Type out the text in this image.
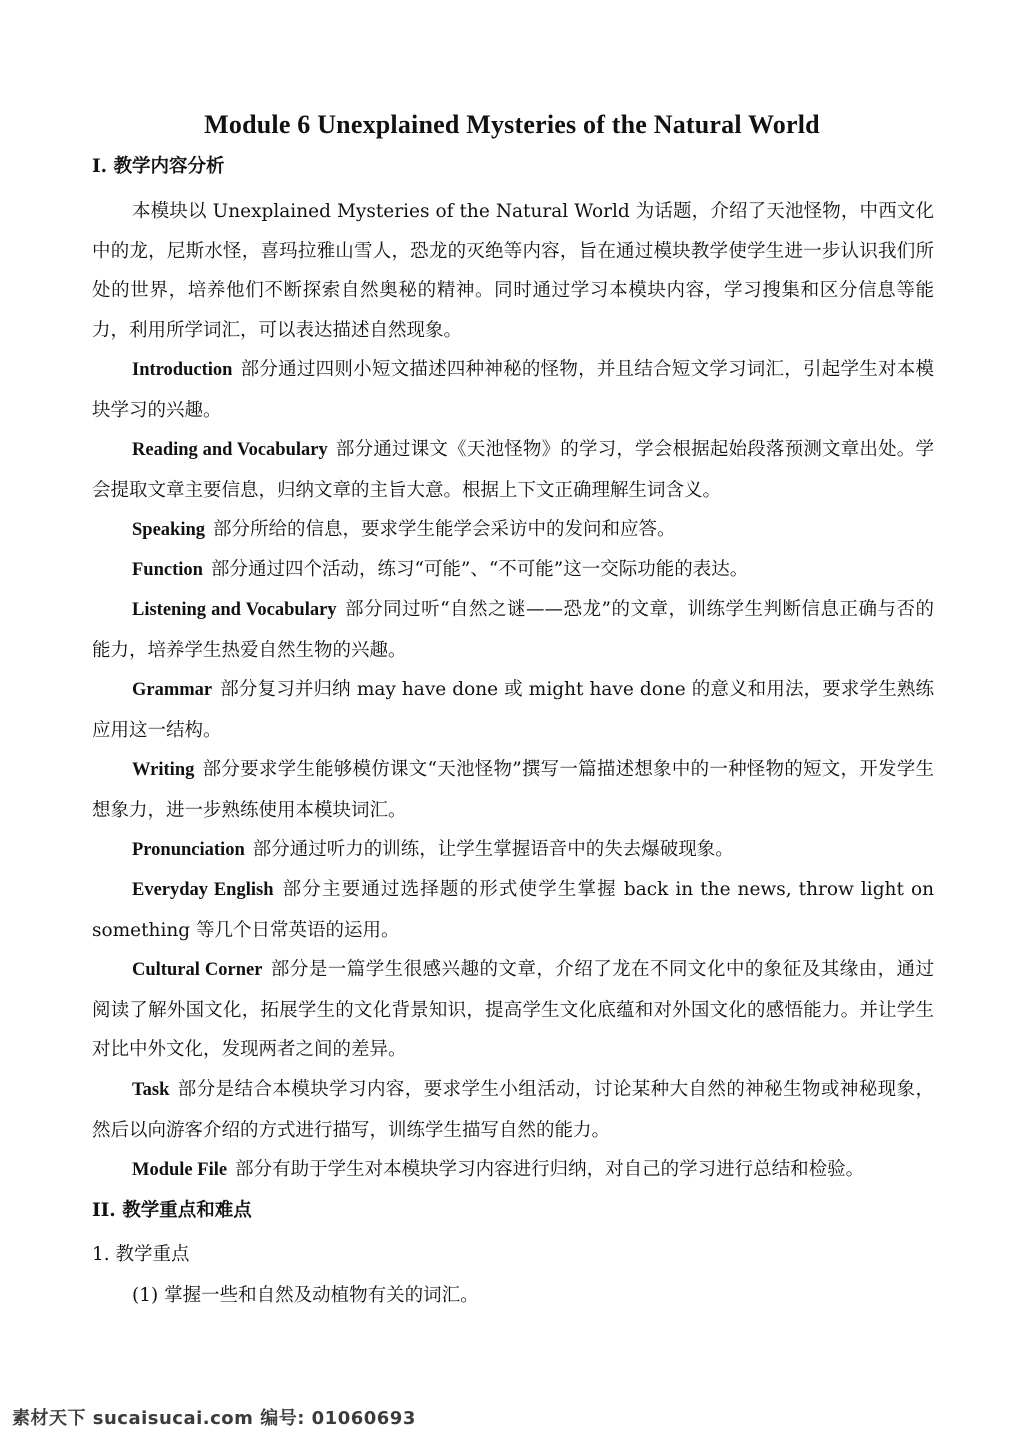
Module 6 Unexplained Mysteries of the Natural World
I. 教学内容分析

本模块以 Unexplained Mysteries of the Natural World 为话题，介绍了天池怪物，中西文化中的龙，尼斯水怪，喜玛拉雅山雪人，恐龙的灭绝等内容，旨在通过模块教学使学生进一步认识我们所处的世界，培养他们不断探索自然奥秘的精神。同时通过学习本模块内容，学习搜集和区分信息等能力，利用所学词汇，可以表达描述自然现象。

Introduction 部分通过四则小短文描述四种神秘的怪物，并且结合短文学习词汇，引起学生对本模块学习的兴趣。

Reading and Vocabulary 部分通过课文《天池怪物》的学习，学会根据起始段落预测文章出处。学会提取文章主要信息，归纳文章的主旨大意。根据上下文正确理解生词含义。

Speaking 部分所给的信息，要求学生能学会采访中的发问和应答。

Function 部分通过四个活动，练习“可能”、“不可能”这一交际功能的表达。

Listening and Vocabulary 部分同过听“自然之谜——恐龙”的文章，训练学生判断信息正确与否的能力，培养学生热爱自然生物的兴趣。

Grammar 部分复习并归纳 may have done 或 might have done 的意义和用法，要求学生熟练应用这一结构。

Writing 部分要求学生能够模仿课文“天池怪物”撰写一篇描述想象中的一种怪物的短文，开发学生想象力，进一步熟练使用本模块词汇。

Pronunciation 部分通过听力的训练，让学生掌握语音中的失去爆破现象。

Everyday English 部分主要通过选择题的形式使学生掌握 back in the news, throw light on something 等几个日常英语的运用。

Cultural Corner 部分是一篇学生很感兴趣的文章，介绍了龙在不同文化中的象征及其缘由，通过阅读了解外国文化，拓展学生的文化背景知识，提高学生文化底蕴和对外国文化的感悟能力。并让学生对比中外文化，发现两者之间的差异。

Task 部分是结合本模块学习内容，要求学生小组活动，讨论某种大自然的神秘生物或神秘现象，然后以向游客介绍的方式进行描写，训练学生描写自然的能力。

Module File 部分有助于学生对本模块学习内容进行归纳，对自己的学习进行总结和检验。

II. 教学重点和难点
1. 教学重点
(1) 掌握一些和自然及动植物有关的词汇。
素材天下 sucaisucai.com 编号: 01060693
